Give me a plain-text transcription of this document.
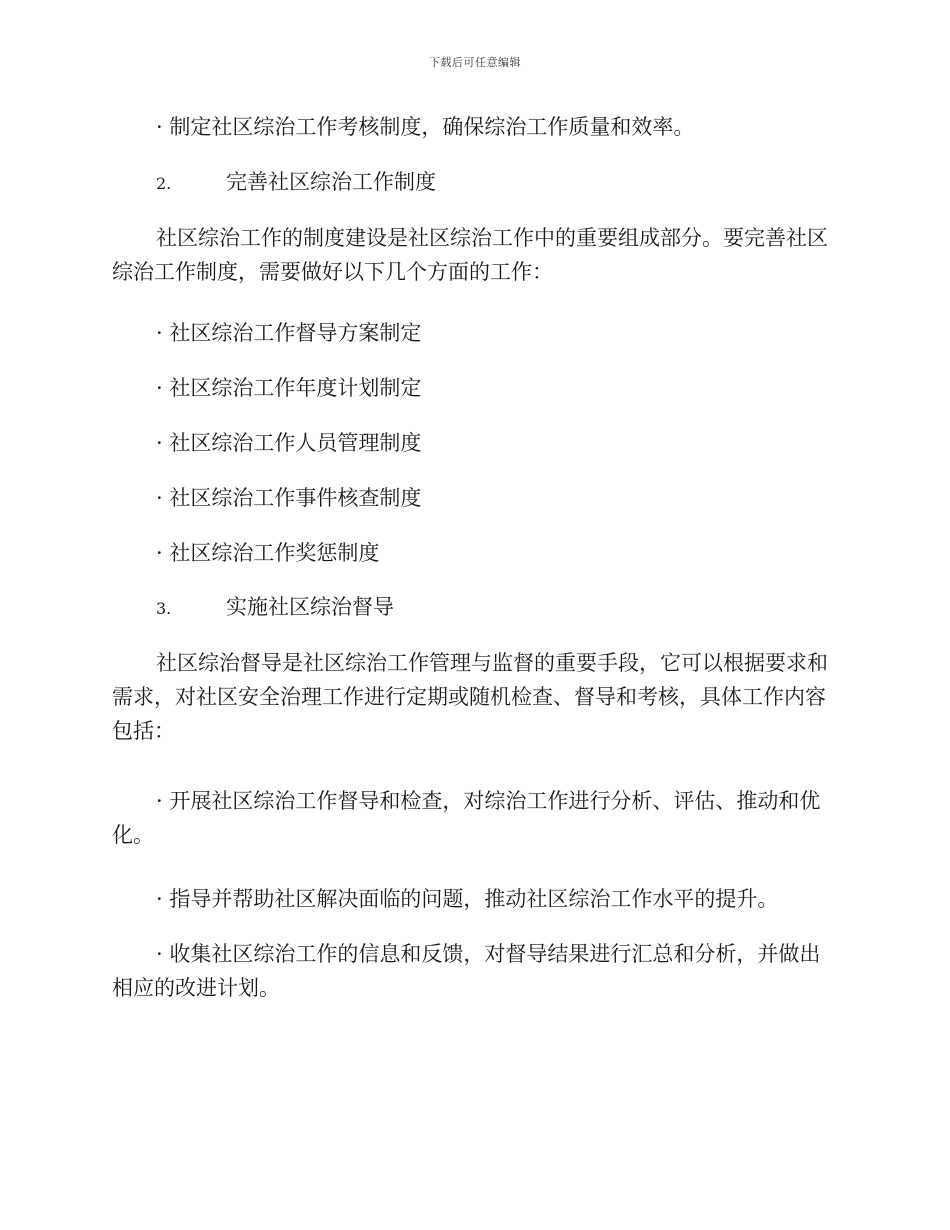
下载后可任意编辑

· 制定社区综治工作考核制度，确保综治工作质量和效率。

2.	完善社区综治工作制度

社区综治工作的制度建设是社区综治工作中的重要组成部分。要完善社区综治工作制度，需要做好以下几个方面的工作：

· 社区综治工作督导方案制定

· 社区综治工作年度计划制定

· 社区综治工作人员管理制度

· 社区综治工作事件核查制度

· 社区综治工作奖惩制度

3.	实施社区综治督导

社区综治督导是社区综治工作管理与监督的重要手段，它可以根据要求和需求，对社区安全治理工作进行定期或随机检查、督导和考核，具体工作内容包括：

· 开展社区综治工作督导和检查，对综治工作进行分析、评估、推动和优化。

· 指导并帮助社区解决面临的问题，推动社区综治工作水平的提升。

· 收集社区综治工作的信息和反馈，对督导结果进行汇总和分析，并做出相应的改进计划。
